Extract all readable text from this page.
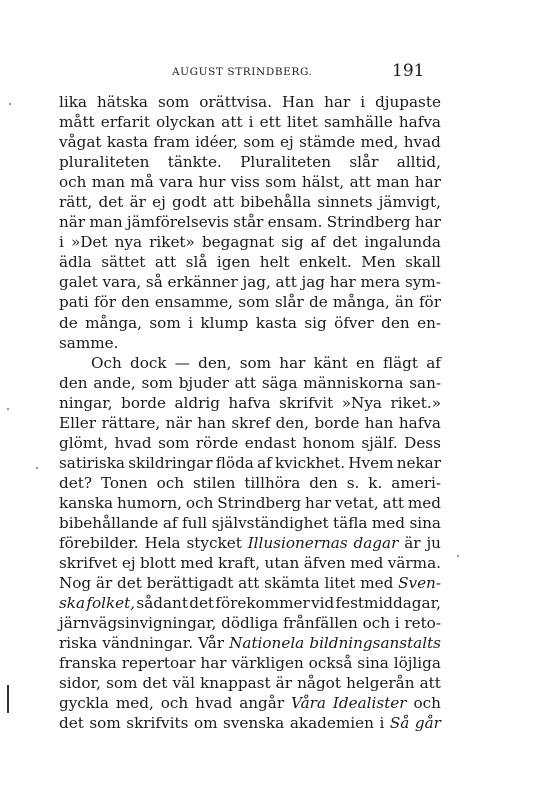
AUGUST STRINDBERG.	191
lika hätska som orättvisa. Han har i djupaste
mått erfarit olyckan att i ett litet samhälle hafva
vågat kasta fram idéer, som ej stämde med, hvad
pluraliteten tänkte. Pluraliteten slår alltid,
och man må vara hur viss som hälst, att man har
rätt, det är ej godt att bibehålla sinnets jämvigt,
när man jämförelsevis står ensam. Strindberg har
i »Det nya riket» begagnat sig af det ingalunda
ädla sättet att slå igen helt enkelt. Men skall
galet vara, så erkänner jag, att jag har mera sym-
pati för den ensamme, som slår de många, än för
de många, som i klump kasta sig öfver den en-
samme.
Och dock — den, som har känt en flägt af
den ande, som bjuder att säga människorna san-
ningar, borde aldrig hafva skrifvit »Nya riket.»
Eller rättare, när han skref den, borde han hafva
glömt, hvad som rörde endast honom själf. Dess
satiriska skildringar flöda af kvickhet. Hvem nekar
det? Tonen och stilen tillhöra den s. k. ameri-
kanska humorn, och Strindberg har vetat, att med
bibehållande af full självständighet täfla med sina
förebilder. Hela stycket Illusionernas dagar är ju
skrifvet ej blott med kraft, utan äfven med värma.
Nog är det berättigadt att skämta litet med Sven-
ska folket, sådant det förekommer vid festmiddagar,
järnvägsinvigningar, dödliga frånfällen och i reto-
riska vändningar. Vår Nationela bildningsanstalts
franska repertoar har värkligen också sina löjliga
sidor, som det väl knappast är något helgerån att
gyckla med, och hvad angår Våra Idealister och
det som skrifvits om svenska akademien i Så går
